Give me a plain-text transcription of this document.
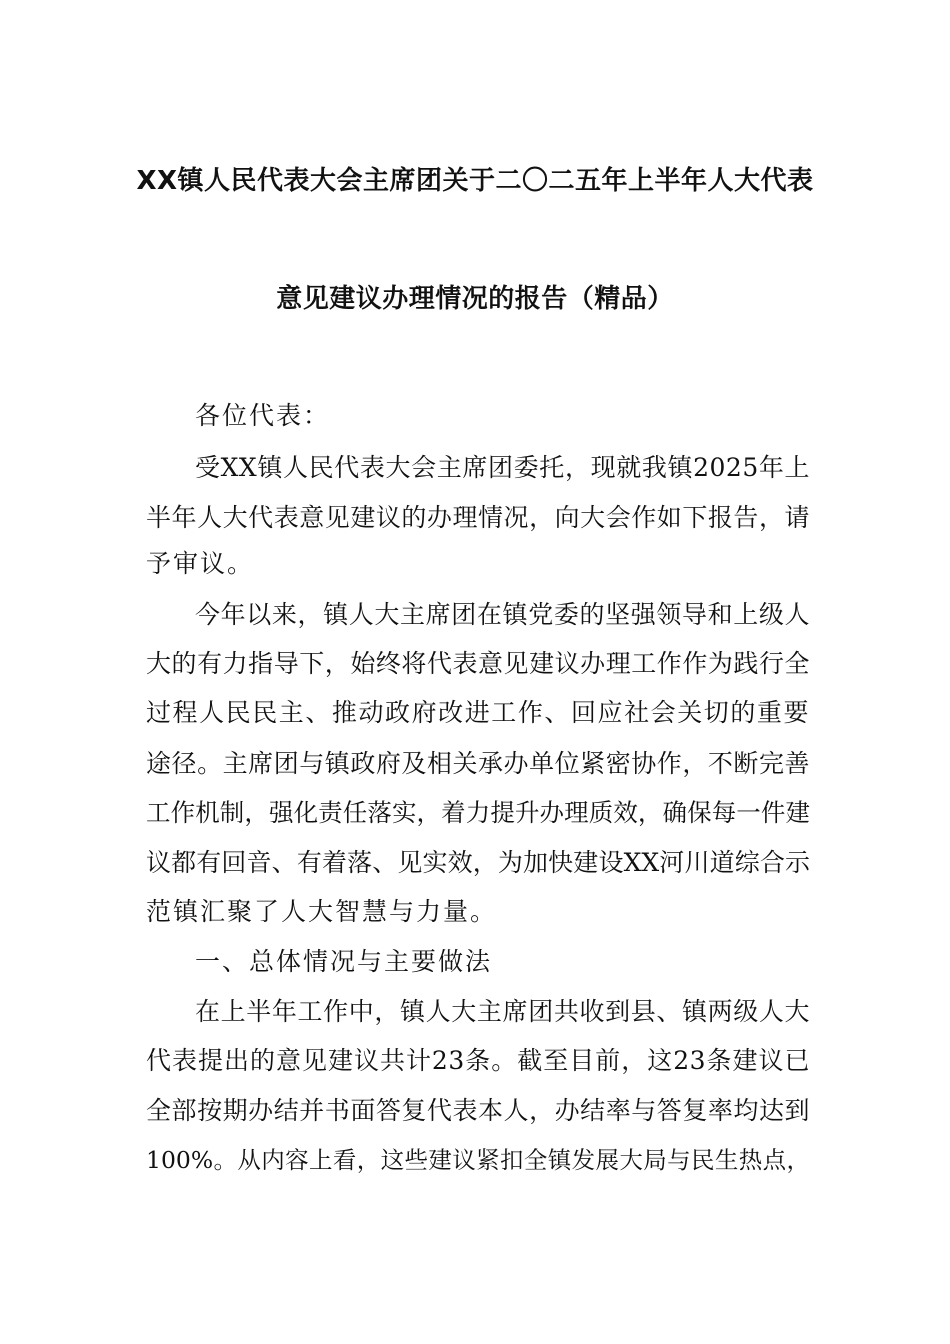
XX镇人民代表大会主席团关于二〇二五年上半年人大代表
意见建议办理情况的报告（精品）
各位代表：
受XX镇人民代表大会主席团委托，现就我镇2025年上
半年人大代表意见建议的办理情况，向大会作如下报告，请
予审议。
今年以来，镇人大主席团在镇党委的坚强领导和上级人
大的有力指导下，始终将代表意见建议办理工作作为践行全
过程人民民主、推动政府改进工作、回应社会关切的重要
途径。主席团与镇政府及相关承办单位紧密协作，不断完善
工作机制，强化责任落实，着力提升办理质效，确保每一件建
议都有回音、有着落、见实效，为加快建设XX河川道综合示
范镇汇聚了人大智慧与力量。
一、总体情况与主要做法
在上半年工作中，镇人大主席团共收到县、镇两级人大
代表提出的意见建议共计23条。截至目前，这23条建议已
全部按期办结并书面答复代表本人，办结率与答复率均达到
100%。从内容上看，这些建议紧扣全镇发展大局与民生热点，
